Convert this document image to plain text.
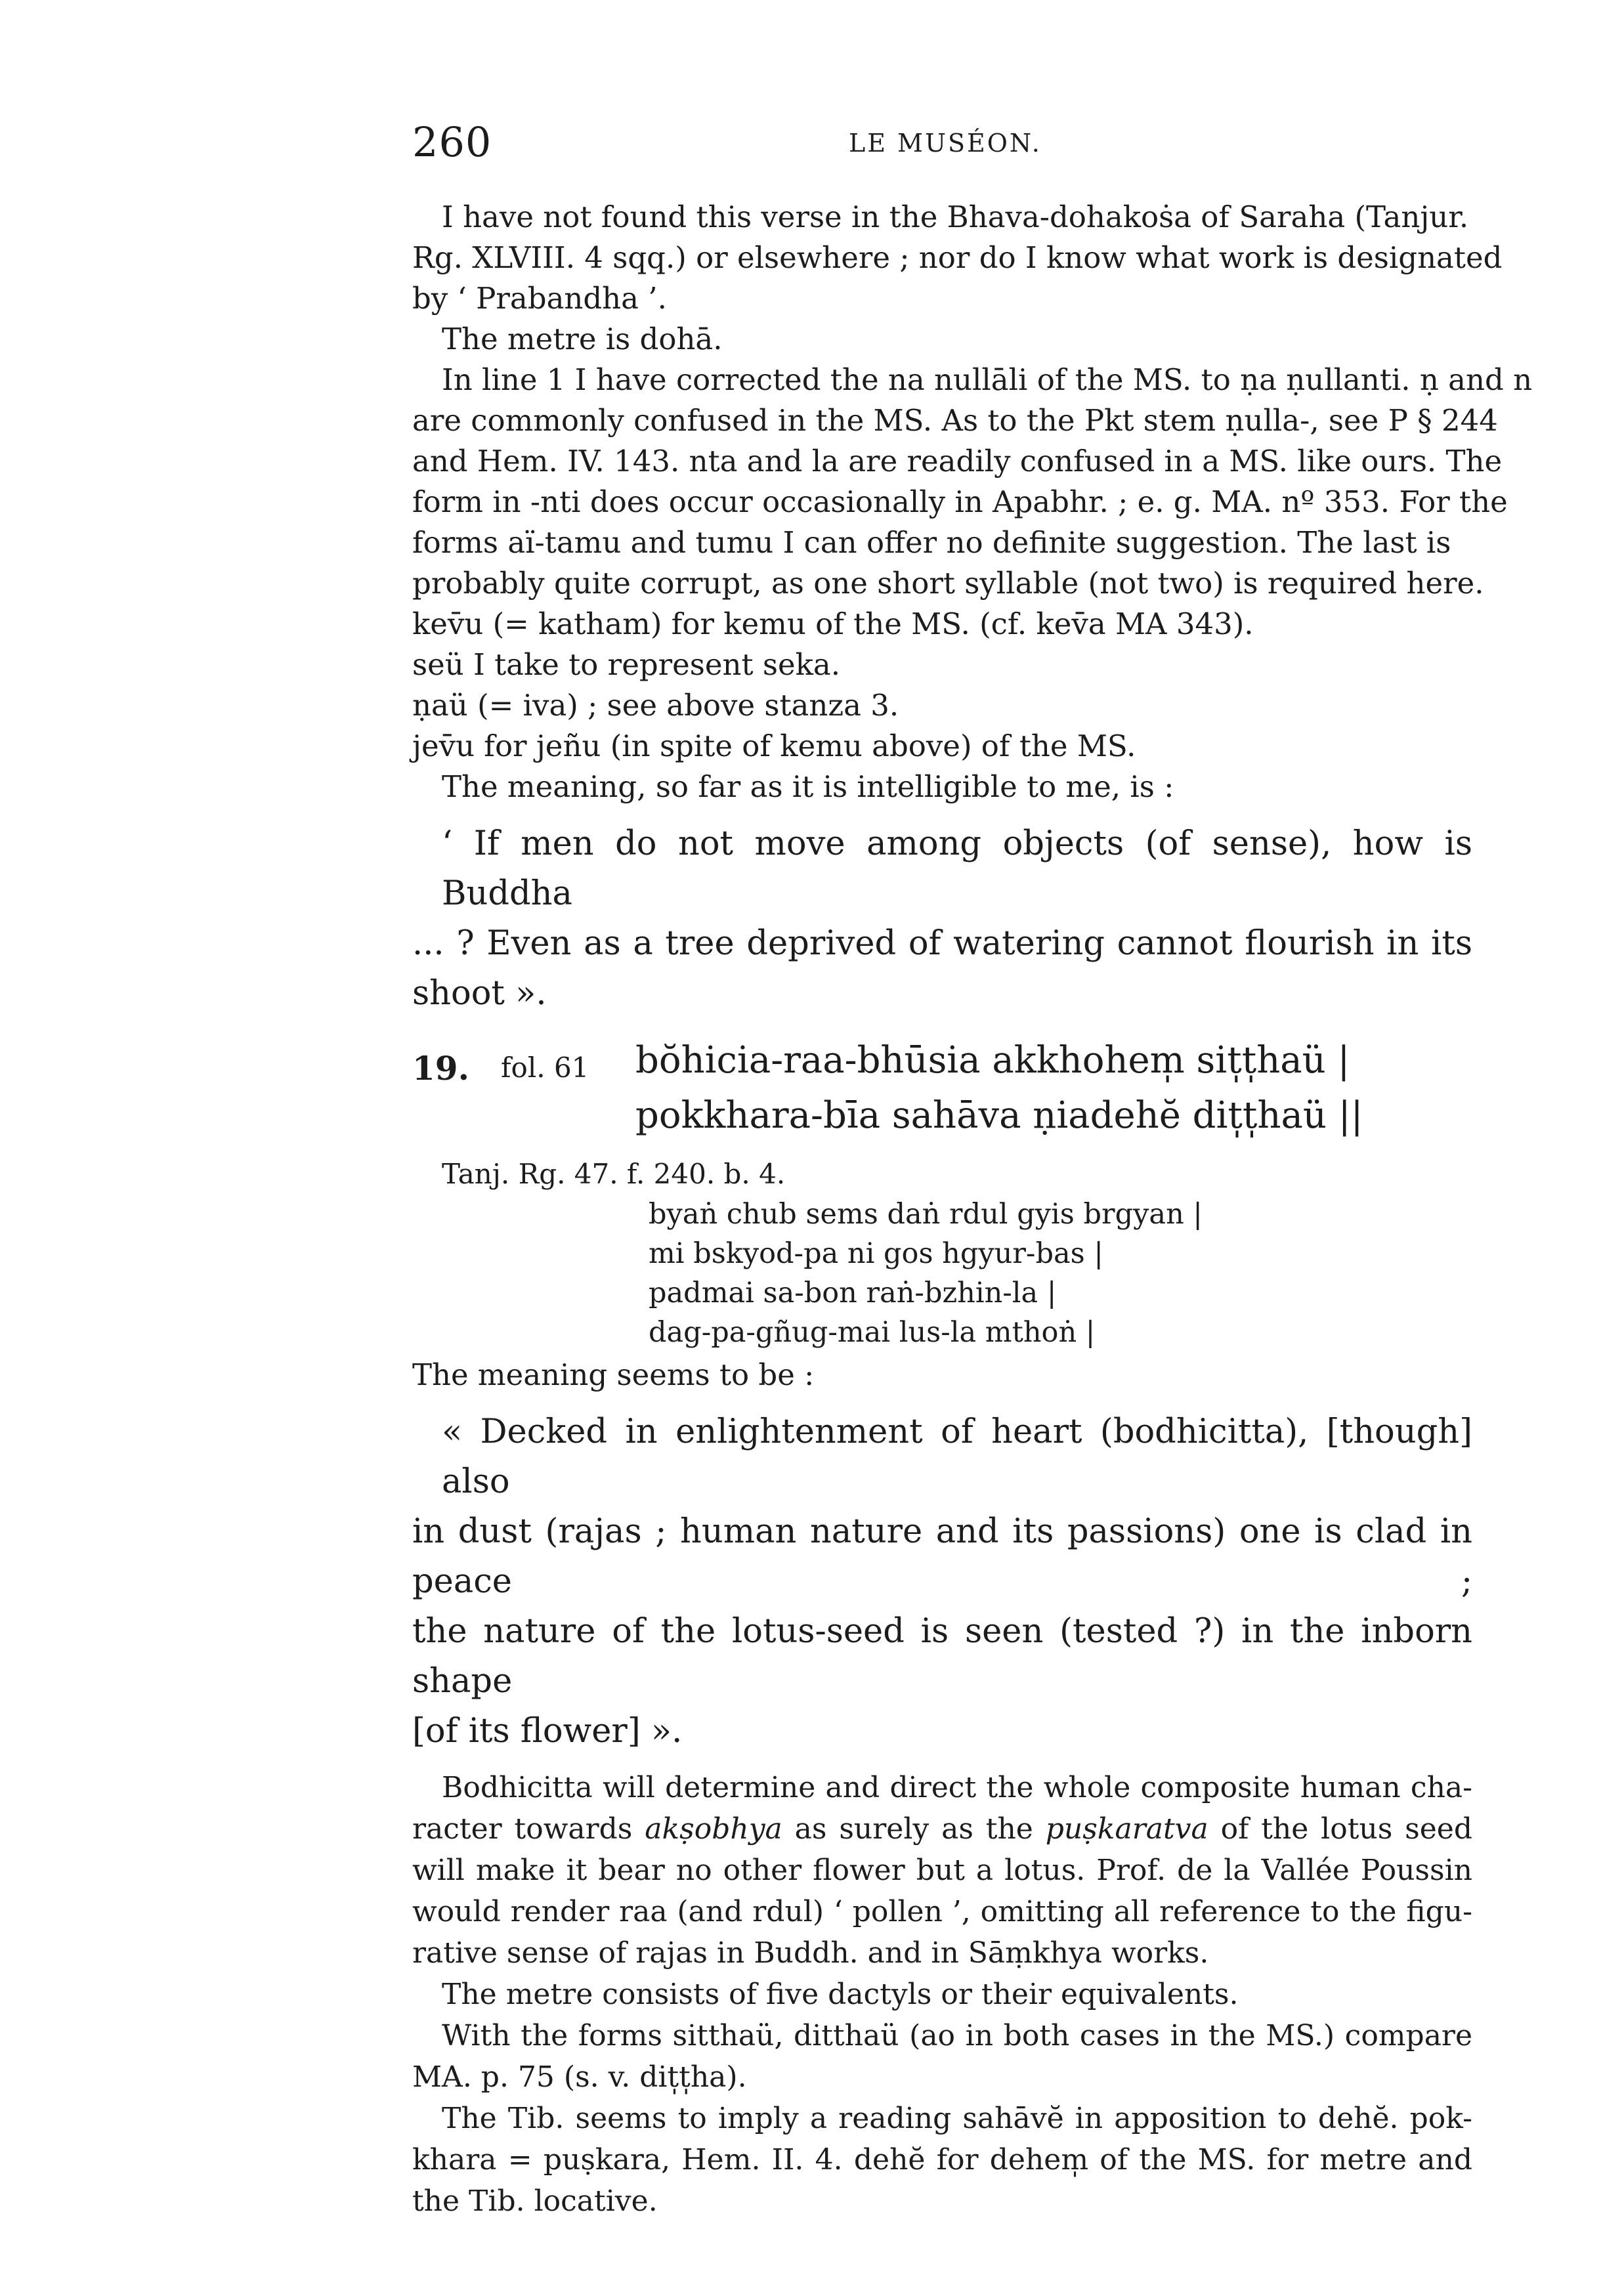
260	LE MUSÉON.
I have not found this verse in the Bhava-dohakoṡa of Saraha (Tanjur.
Rg. XLVIII. 4 sqq.) or elsewhere ; nor do I know what work is designated
by ‘ Prabandha ’.
The metre is dohā.
In line 1 I have corrected the na nullāli of the MS. to ṇa ṇullanti. ṇ and n
are commonly confused in the MS. As to the Pkt stem ṇulla-, see P § 244
and Hem. IV. 143. nta and la are readily confused in a MS. like ours. The
form in -nti does occur occasionally in Apabhr. ; e. g. MA. nº 353. For the
forms aï-tamu and tumu I can offer no definite suggestion. The last is
probably quite corrupt, as one short syllable (not two) is required here.
kev̄u (= katham) for kemu of the MS. (cf. kev̄a MA 343).
seü I take to represent seka.
ṇaü (= iva) ; see above stanza 3.
jev̄u for jeñu (in spite of kemu above) of the MS.
The meaning, so far as it is intelligible to me, is :
‘ If men do not move among objects (of sense), how is Buddha
... ? Even as a tree deprived of watering cannot flourish in its
shoot ».
19. fol. 61 bŏhicia-raa-bhūsia akkhohem̩ sit̩t̩haü |
pokkhara-bīa sahāva ṇiadehĕ dit̩t̩haü ||
Tanj. Rg. 47. f. 240. b. 4.
byaṅ chub sems daṅ rdul gyis brgyan |
mi bskyod-pa ni gos hgyur-bas |
padmai sa-bon raṅ-bzhin-la |
dag-pa-gñug-mai lus-la mthoṅ |
The meaning seems to be :
« Decked in enlightenment of heart (bodhicitta), [though] also
in dust (rajas ; human nature and its passions) one is clad in peace ;
the nature of the lotus-seed is seen (tested ?) in the inborn shape
[of its flower] ».
Bodhicitta will determine and direct the whole composite human cha-
racter towards akṣobhya as surely as the puṣkaratva of the lotus seed
will make it bear no other flower but a lotus. Prof. de la Vallée Poussin
would render raa (and rdul) ‘ pollen ’, omitting all reference to the figu-
rative sense of rajas in Buddh. and in Sāṃkhya works.
The metre consists of five dactyls or their equivalents.
With the forms sitthaü, ditthaü (ao in both cases in the MS.) compare
MA. p. 75 (s. v. dit̩t̩ha).
The Tib. seems to imply a reading sahāvĕ in apposition to dehĕ. pok-
khara = puṣkara, Hem. II. 4. dehĕ for dehem̩ of the MS. for metre and
the Tib. locative.
